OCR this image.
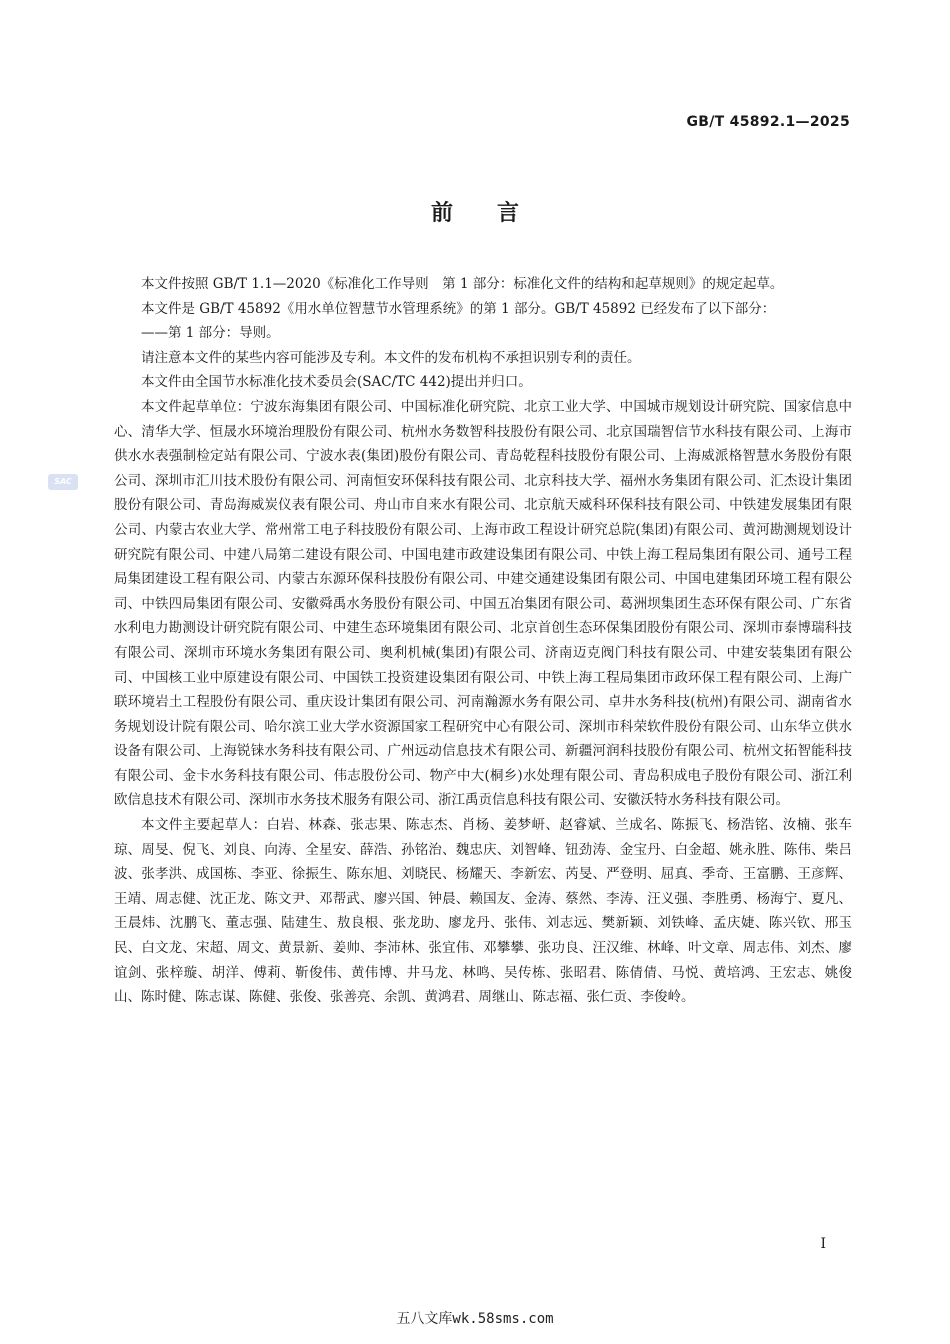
GB/T 45892.1—2025
前言
SAC

本文件按照 GB/T 1.1—2020《标准化工作导则　第 1 部分：标准化文件的结构和起草规则》的规定起草。

本文件是 GB/T 45892《用水单位智慧节水管理系统》的第 1 部分。GB/T 45892 已经发布了以下部分：

——第 1 部分：导则。

请注意本文件的某些内容可能涉及专利。本文件的发布机构不承担识别专利的责任。

本文件由全国节水标准化技术委员会(SAC/TC 442)提出并归口。

本文件起草单位：宁波东海集团有限公司、中国标准化研究院、北京工业大学、中国城市规划设计研究院、国家信息中心、清华大学、恒晟水环境治理股份有限公司、杭州水务数智科技股份有限公司、北京国瑞智信节水科技有限公司、上海市供水水表强制检定站有限公司、宁波水表(集团)股份有限公司、青岛乾程科技股份有限公司、上海威派格智慧水务股份有限公司、深圳市汇川技术股份有限公司、河南恒安环保科技有限公司、北京科技大学、福州水务集团有限公司、汇杰设计集团股份有限公司、青岛海威炭仪表有限公司、舟山市自来水有限公司、北京航天威科环保科技有限公司、中铁建发展集团有限公司、内蒙古农业大学、常州常工电子科技股份有限公司、上海市政工程设计研究总院(集团)有限公司、黄河勘测规划设计研究院有限公司、中建八局第二建设有限公司、中国电建市政建设集团有限公司、中铁上海工程局集团有限公司、通号工程局集团建设工程有限公司、内蒙古东源环保科技股份有限公司、中建交通建设集团有限公司、中国电建集团环境工程有限公司、中铁四局集团有限公司、安徽舜禹水务股份有限公司、中国五冶集团有限公司、葛洲坝集团生态环保有限公司、广东省水利电力勘测设计研究院有限公司、中建生态环境集团有限公司、北京首创生态环保集团股份有限公司、深圳市泰博瑞科技有限公司、深圳市环境水务集团有限公司、奥利机械(集团)有限公司、济南迈克阀门科技有限公司、中建安装集团有限公司、中国核工业中原建设有限公司、中国铁工投资建设集团有限公司、中铁上海工程局集团市政环保工程有限公司、上海广联环境岩土工程股份有限公司、重庆设计集团有限公司、河南瀚源水务有限公司、卓井水务科技(杭州)有限公司、湖南省水务规划设计院有限公司、哈尔滨工业大学水资源国家工程研究中心有限公司、深圳市科荣软件股份有限公司、山东华立供水设备有限公司、上海锐铼水务科技有限公司、广州远动信息技术有限公司、新疆河润科技股份有限公司、杭州文拓智能科技有限公司、金卡水务科技有限公司、伟志股份公司、物产中大(桐乡)水处理有限公司、青岛积成电子股份有限公司、浙江利欧信息技术有限公司、深圳市水务技术服务有限公司、浙江禹贡信息科技有限公司、安徽沃特水务科技有限公司。

本文件主要起草人：白岩、林森、张志果、陈志杰、肖杨、姜梦岍、赵睿斌、兰成名、陈振飞、杨浩铭、汝楠、张车琼、周旻、倪飞、刘良、向涛、全星安、薛浩、孙铭治、魏忠庆、刘智峰、钮劲涛、金宝丹、白金超、姚永胜、陈伟、柴吕波、张孝洪、成国栋、李亚、徐振生、陈东旭、刘晓民、杨耀天、李新宏、芮旻、严登明、屈真、季奇、王富鹏、王彦辉、王靖、周志健、沈正龙、陈文尹、邓帮武、廖兴国、钟晨、赖国友、金涛、蔡然、李涛、汪义强、李胜勇、杨海宁、夏凡、王晨炜、沈鹏飞、董志强、陆建生、敖良根、张龙助、廖龙丹、张伟、刘志远、樊新颖、刘铁峰、孟庆婕、陈兴钦、邢玉民、白文龙、宋超、周文、黄景新、姜帅、李沛林、张宜伟、邓攀攀、张功良、汪汉维、林峰、叶文章、周志伟、刘杰、廖谊剑、张梓璇、胡洋、傅莉、靳俊伟、黄伟博、井马龙、林鸣、吴传栋、张昭君、陈倩倩、马悦、黄培鸿、王宏志、姚俊山、陈时健、陈志谋、陈健、张俊、张善亮、余凯、黄鸿君、周继山、陈志福、张仁贡、李俊岭。

I
五八文库wk.58sms.com
